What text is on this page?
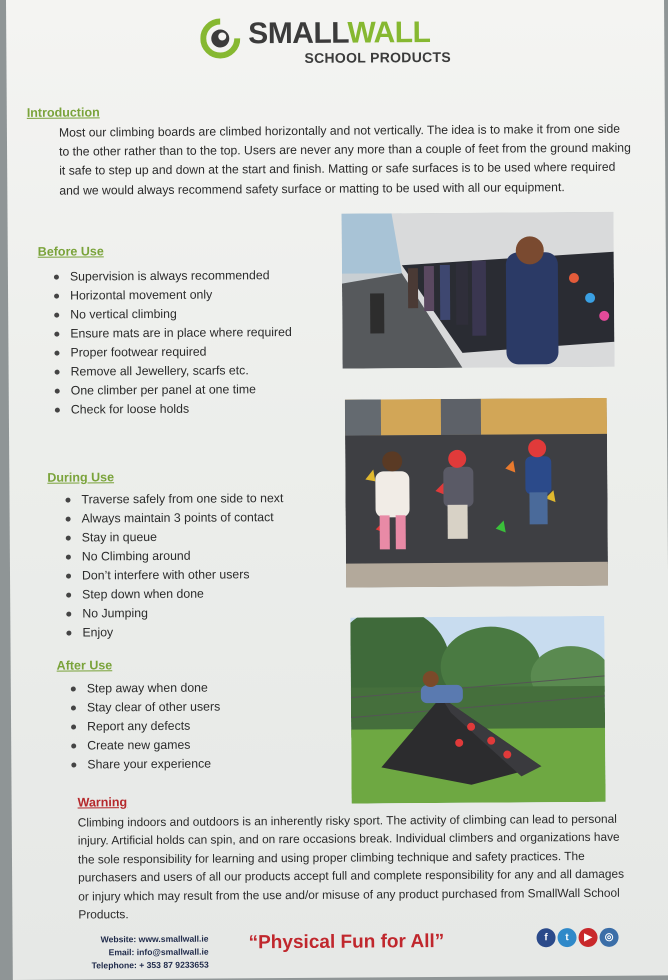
SMALLWALL
SCHOOL PRODUCTS
Introduction
Most our climbing boards are climbed horizontally and not vertically. The idea is to make it from one side to the other rather than to the top. Users are never any more than a couple of feet from the ground making it safe to step up and down at the start and finish. Matting or safe surfaces is to be used where required and we would always recommend safety surface or matting to be used with all our equipment.
Before Use
Supervision is always recommended
Horizontal movement only
No vertical climbing
Ensure mats are in place where required
Proper footwear required
Remove all Jewellery, scarfs etc.
One climber per panel at one time
Check for loose holds
During Use
Traverse safely from one side to next
Always maintain 3 points of contact
Stay in queue
No Climbing around
Don’t interfere with other users
Step down when done
No Jumping
Enjoy
After Use
Step away when done
Stay clear of other users
Report any defects
Create new games
Share your experience
Warning
Climbing indoors and outdoors is an inherently risky sport. The activity of climbing can lead to personal injury. Artificial holds can spin, and on rare occasions break. Individual climbers and organizations have the sole responsibility for learning and using proper climbing technique and safety practices. The purchasers and users of all our products accept full and complete responsibility for any and all damages or injury which may result from the use and/or misuse of any product purchased from SmallWall School Products.
Website: www.smallwall.ie
Email: info@smallwall.ie
Telephone: + 353 87 9233653
“Physical Fun for All”	f	t	▶	◎
